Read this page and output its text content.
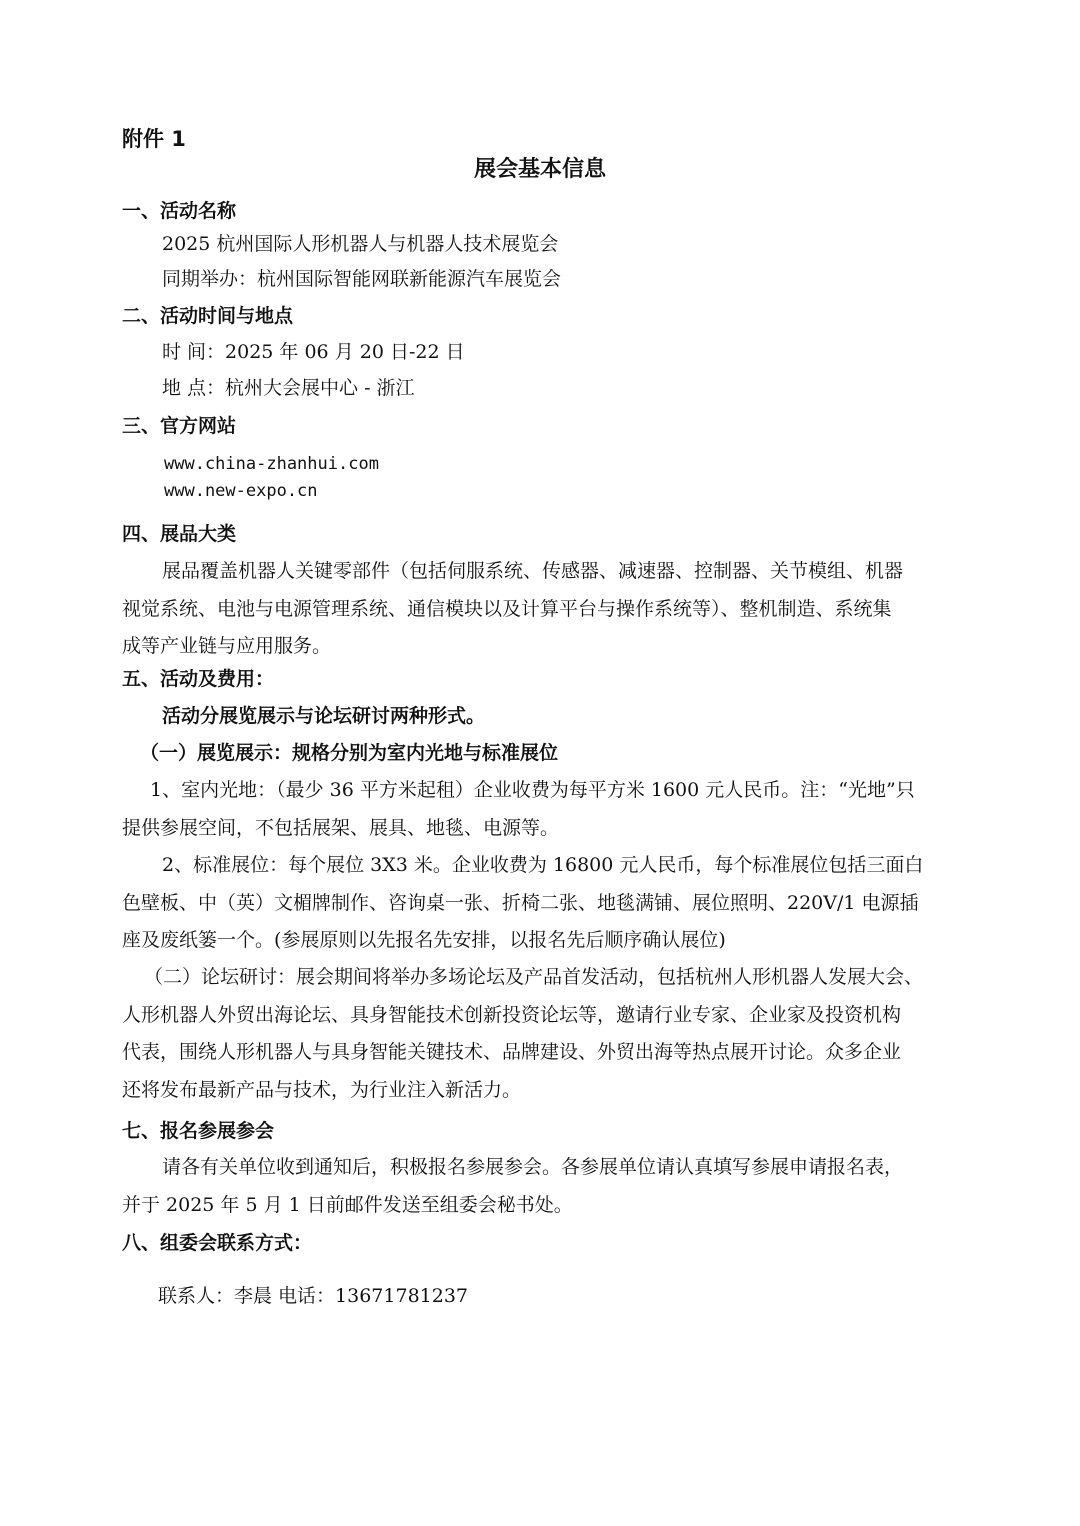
附件 1
展会基本信息
一、活动名称
2025 杭州国际人形机器人与机器人技术展览会
同期举办：杭州国际智能网联新能源汽车展览会
二、活动时间与地点
时 间：2025 年 06 月 20 日-22 日
地 点：杭州大会展中心 - 浙江
三、官方网站
www.china-zhanhui.com
www.new-expo.cn
四、展品大类
展品覆盖机器人关键零部件（包括伺服系统、传感器、减速器、控制器、关节模组、机器
视觉系统、电池与电源管理系统、通信模块以及计算平台与操作系统等）、整机制造、系统集
成等产业链与应用服务。
五、活动及费用：
活动分展览展示与论坛研讨两种形式。
（一）展览展示：规格分别为室内光地与标准展位
1、室内光地：（最少 36 平方米起租）企业收费为每平方米 1600 元人民币。注：“光地”只
提供参展空间，不包括展架、展具、地毯、电源等。
2、标准展位：每个展位 3X3 米。企业收费为 16800 元人民币，每个标准展位包括三面白
色壁板、中（英）文楣牌制作、咨询桌一张、折椅二张、地毯满铺、展位照明、220V/1 电源插
座及废纸篓一个。(参展原则以先报名先安排，以报名先后顺序确认展位)
（二）论坛研讨：展会期间将举办多场论坛及产品首发活动，包括杭州人形机器人发展大会、
人形机器人外贸出海论坛、具身智能技术创新投资论坛等，邀请行业专家、企业家及投资机构
代表，围绕人形机器人与具身智能关键技术、品牌建设、外贸出海等热点展开讨论。众多企业
还将发布最新产品与技术，为行业注入新活力。
七、报名参展参会
请各有关单位收到通知后，积极报名参展参会。各参展单位请认真填写参展申请报名表，
并于 2025 年 5 月 1 日前邮件发送至组委会秘书处。
八、组委会联系方式：
联系人：李晨 电话：13671781237
